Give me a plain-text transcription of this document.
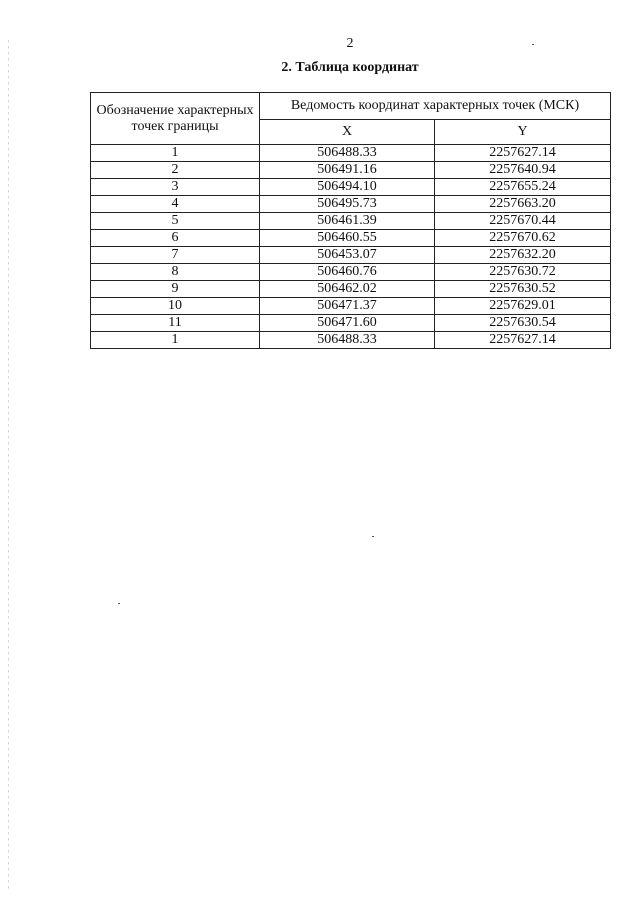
2
2. Таблица координат
Обозначение характерных точек границы	Ведомость координат характерных точек (МСК)	
	X	Y
1	506488.33	2257627.14
2	506491.16	2257640.94
3	506494.10	2257655.24
4	506495.73	2257663.20
5	506461.39	2257670.44
6	506460.55	2257670.62
7	506453.07	2257632.20
8	506460.76	2257630.72
9	506462.02	2257630.52
10	506471.37	2257629.01
11	506471.60	2257630.54
1	506488.33	2257627.14
